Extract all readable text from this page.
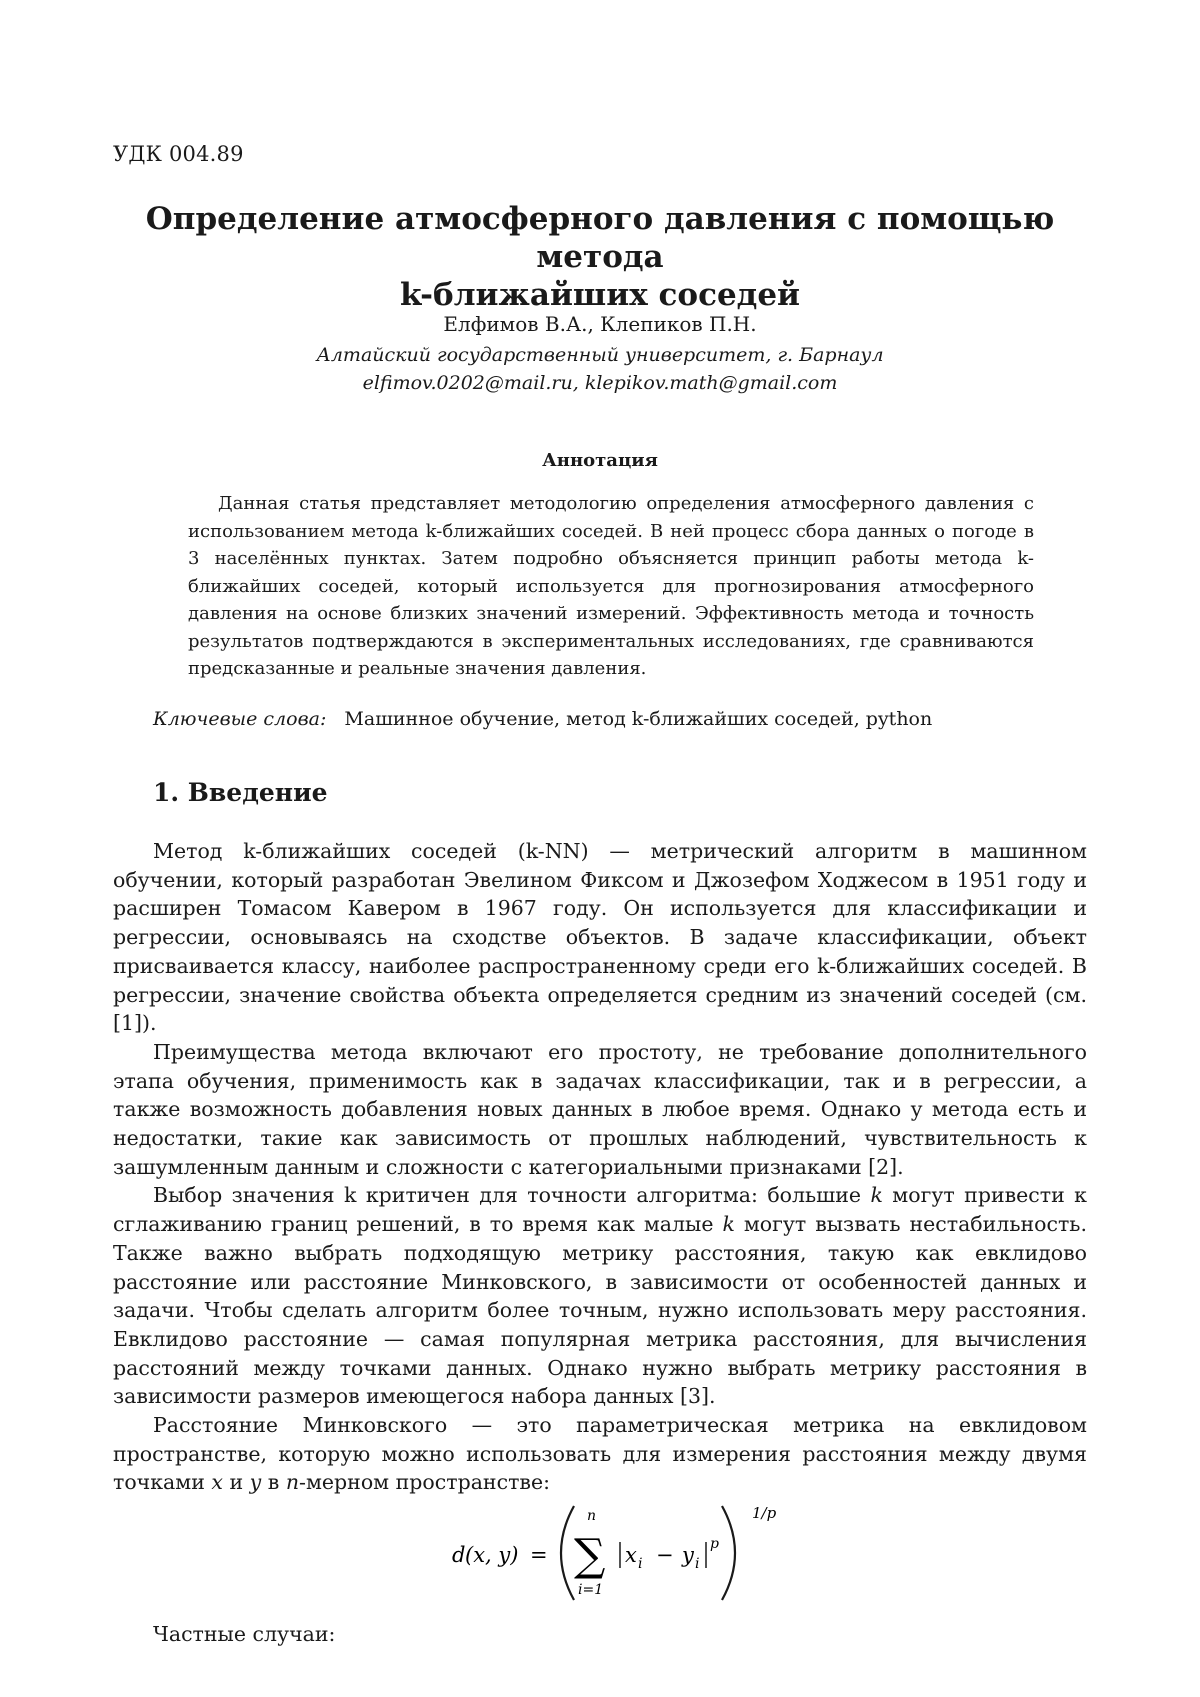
УДК 004.89
Определение атмосферного давления с помощью метода
k-ближайших соседей
Елфимов В.А., Клепиков П.Н.
Алтайский государственный университет, г. Барнаул
elfimov.0202@mail.ru, klepikov.math@gmail.com
Аннотация

Данная статья представляет методологию определения атмосферного давления с использованием метода k-ближайших соседей. В ней процесс сбора данных о погоде в 3 населённых пунктах. Затем подробно объясняется принцип работы метода k-ближайших соседей, который используется для прогнозирования атмосферного давления на основе близких значений измерений. Эффективность метода и точность результатов подтверждаются в экспериментальных исследованиях, где сравниваются предсказанные и реальные значения давления.

Ключевые слова: Машинное обучение, метод k-ближайших соседей, python
1. Введение

Метод k-ближайших соседей (k-NN) — метрический алгоритм в машинном обучении, который разработан Эвелином Фиксом и Джозефом Ходжесом в 1951 году и расширен Томасом Кавером в 1967 году. Он используется для классификации и регрессии, основываясь на сходстве объектов. В задаче классификации, объект присваивается классу, наиболее распространенному среди его k-ближайших соседей. В регрессии, значение свойства объекта определяется средним из значений соседей (см. [1]).

Преимущества метода включают его простоту, не требование дополнительного этапа обучения, применимость как в задачах классификации, так и в регрессии, а также возможность добавления новых данных в любое время. Однако у метода есть и недостатки, такие как зависимость от прошлых наблюдений, чувствительность к зашумленным данным и сложности с категориальными признаками [2].

Выбор значения k критичен для точности алгоритма: большие k могут привести к сглаживанию границ решений, в то время как малые k могут вызвать нестабильность. Также важно выбрать подходящую метрику расстояния, такую как евклидово расстояние или расстояние Минковского, в зависимости от особенностей данных и задачи. Чтобы сделать алгоритм более точным, нужно использовать меру расстояния. Евклидово расстояние — самая популярная метрика расстояния, для вычисления расстояний между точками данных. Однако нужно выбрать метрику расстояния в зависимости размеров имеющегося набора данных [3].

Расстояние Минковского — это параметрическая метрика на евклидовом пространстве, которую можно использовать для измерения расстояния между двумя точками x и y в n-мерном пространстве:

d (x, y) =
n
∑
i=1
x i − y i
p
1/p
Частные случаи:
